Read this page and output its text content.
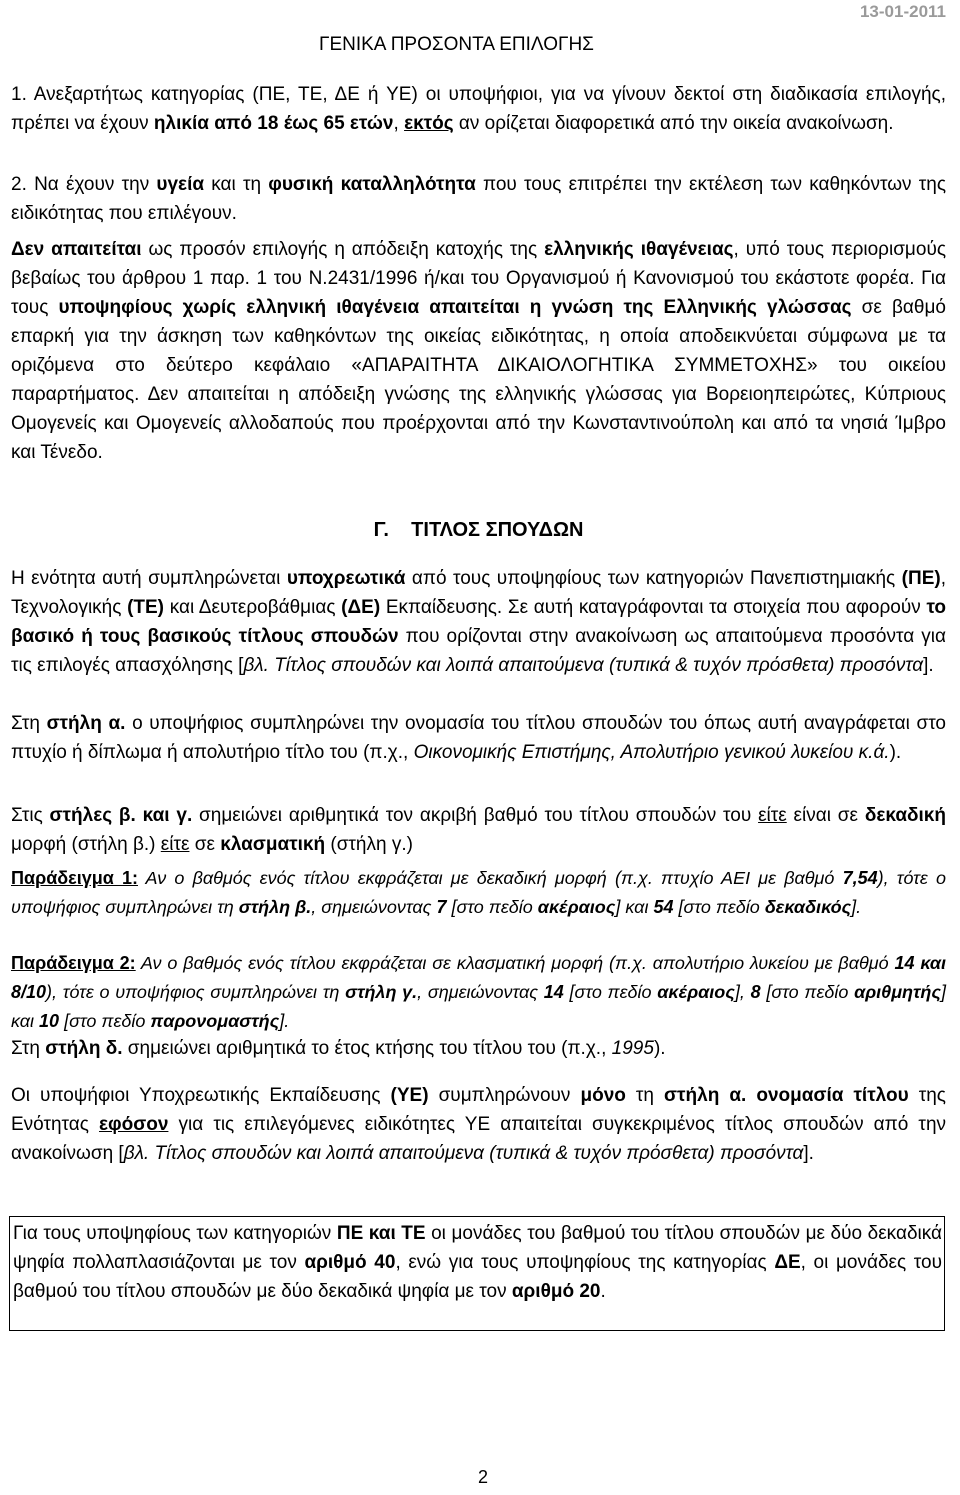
13-01-2011
ΓΕΝΙΚΑ ΠΡΟΣΟΝΤΑ ΕΠΙΛΟΓΗΣ
1. Ανεξαρτήτως κατηγορίας (ΠΕ, ΤΕ, ΔΕ ή ΥΕ) οι υποψήφιοι, για να γίνουν δεκτοί στη διαδικασία επιλογής, πρέπει να έχουν ηλικία από 18 έως 65 ετών, εκτός αν ορίζεται διαφορετικά από την οικεία ανακοίνωση.
2. Να έχουν την υγεία και τη φυσική καταλληλότητα που τους επιτρέπει την εκτέλεση των καθηκόντων της ειδικότητας που επιλέγουν.
Δεν απαιτείται ως προσόν επιλογής η απόδειξη κατοχής της ελληνικής ιθαγένειας, υπό τους περιορισμούς βεβαίως του άρθρου 1 παρ. 1 του Ν.2431/1996 ή/και του Οργανισμού ή Κανονισμού του εκάστοτε φορέα. Για τους υποψηφίους χωρίς ελληνική ιθαγένεια απαιτείται η γνώση της Ελληνικής γλώσσας σε βαθμό επαρκή για την άσκηση των καθηκόντων της οικείας ειδικότητας, η οποία αποδεικνύεται σύμφωνα με τα οριζόμενα στο δεύτερο κεφάλαιο «ΑΠΑΡΑΙΤΗΤΑ ΔΙΚΑΙΟΛΟΓΗΤΙΚΑ ΣΥΜΜΕΤΟΧΗΣ» του οικείου παραρτήματος. Δεν απαιτείται η απόδειξη γνώσης της ελληνικής γλώσσας για Βορειοηπειρώτες, Κύπριους Ομογενείς και Ομογενείς αλλοδαπούς που προέρχονται από την Κωνσταντινούπολη και από τα νησιά Ίμβρο και Τένεδο.
Γ.    ΤΙΤΛΟΣ ΣΠΟΥΔΩΝ
Η ενότητα αυτή συμπληρώνεται υποχρεωτικά από τους υποψηφίους των κατηγοριών Πανεπιστημιακής (ΠΕ), Τεχνολογικής (ΤΕ) και Δευτεροβάθμιας (ΔΕ) Εκπαίδευσης. Σε αυτή καταγράφονται τα στοιχεία που αφορούν το βασικό ή τους βασικούς τίτλους σπουδών που ορίζονται στην ανακοίνωση ως απαιτούμενα προσόντα για τις επιλογές απασχόλησης [βλ. Τίτλος σπουδών και λοιπά απαιτούμενα (τυπικά & τυχόν πρόσθετα) προσόντα].
Στη στήλη α. ο υποψήφιος συμπληρώνει την ονομασία του τίτλου σπουδών του όπως αυτή αναγράφεται στο πτυχίο ή δίπλωμα ή απολυτήριο τίτλο του (π.χ., Οικονομικής Επιστήμης, Απολυτήριο γενικού λυκείου κ.ά.).
Στις στήλες β. και γ. σημειώνει αριθμητικά τον ακριβή βαθμό του τίτλου σπουδών του είτε είναι σε δεκαδική μορφή (στήλη β.) είτε σε κλασματική (στήλη γ.)
Παράδειγμα 1: Αν ο βαθμός ενός τίτλου εκφράζεται με δεκαδική μορφή (π.χ. πτυχίο ΑΕΙ με βαθμό 7,54), τότε ο υποψήφιος συμπληρώνει τη στήλη β., σημειώνοντας 7 [στο πεδίο ακέραιος] και 54 [στο πεδίο δεκαδικός].
Παράδειγμα 2: Αν ο βαθμός ενός τίτλου εκφράζεται σε κλασματική μορφή (π.χ. απολυτήριο λυκείου με βαθμό 14 και 8/10), τότε ο υποψήφιος συμπληρώνει τη στήλη γ., σημειώνοντας 14 [στο πεδίο ακέραιος], 8 [στο πεδίο αριθμητής] και 10 [στο πεδίο παρονομαστής].
Στη στήλη δ. σημειώνει αριθμητικά το έτος κτήσης του τίτλου του (π.χ., 1995).
Οι υποψήφιοι Υποχρεωτικής Εκπαίδευσης (ΥΕ) συμπληρώνουν μόνο τη στήλη α. ονομασία τίτλου της Ενότητας εφόσον για τις επιλεγόμενες ειδικότητες ΥΕ απαιτείται συγκεκριμένος τίτλος σπουδών από την ανακοίνωση [βλ. Τίτλος σπουδών και λοιπά απαιτούμενα (τυπικά & τυχόν πρόσθετα) προσόντα].
Για τους υποψηφίους των κατηγοριών ΠΕ και ΤΕ οι μονάδες του βαθμού του τίτλου σπουδών με δύο δεκαδικά ψηφία πολλαπλασιάζονται με τον αριθμό 40, ενώ για τους υποψηφίους της κατηγορίας ΔΕ, οι μονάδες του βαθμού του τίτλου σπουδών με δύο δεκαδικά ψηφία με τον αριθμό 20.
2
